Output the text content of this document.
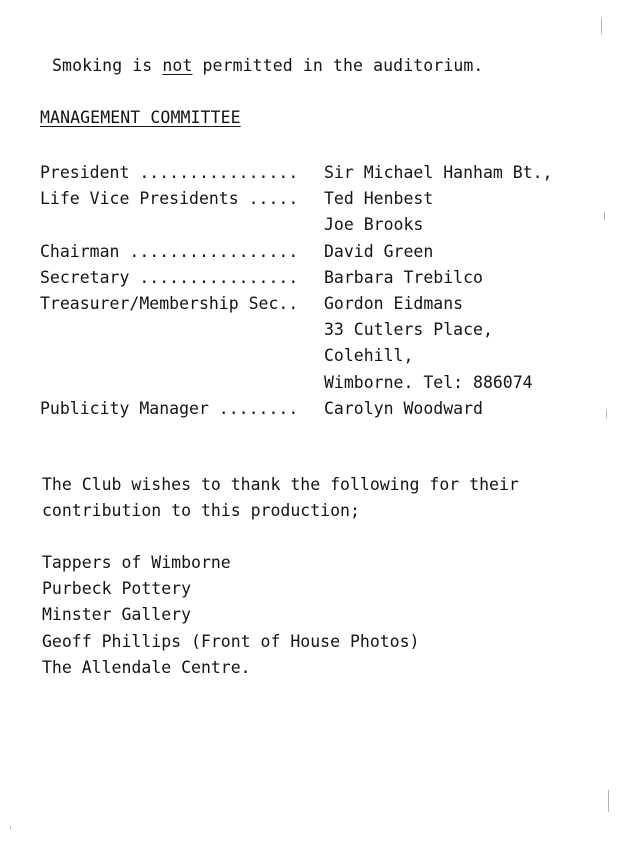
Smoking is not permitted in the auditorium.
MANAGEMENT COMMITTEE

President ................

Sir Michael Hanham Bt.,

Life Vice Presidents .....

Ted Henbest

Joe Brooks

Chairman .................

David Green

Secretary ................

Barbara Trebilco

Treasurer/Membership Sec..

Gordon Eidmans

33 Cutlers Place,

Colehill,

Wimborne. Tel: 886074

Publicity Manager ........

Carolyn Woodward

The Club wishes to thank the following for their
contribution to this production;
Tappers of Wimborne
Purbeck Pottery
Minster Gallery
Geoff Phillips (Front of House Photos)
The Allendale Centre.
